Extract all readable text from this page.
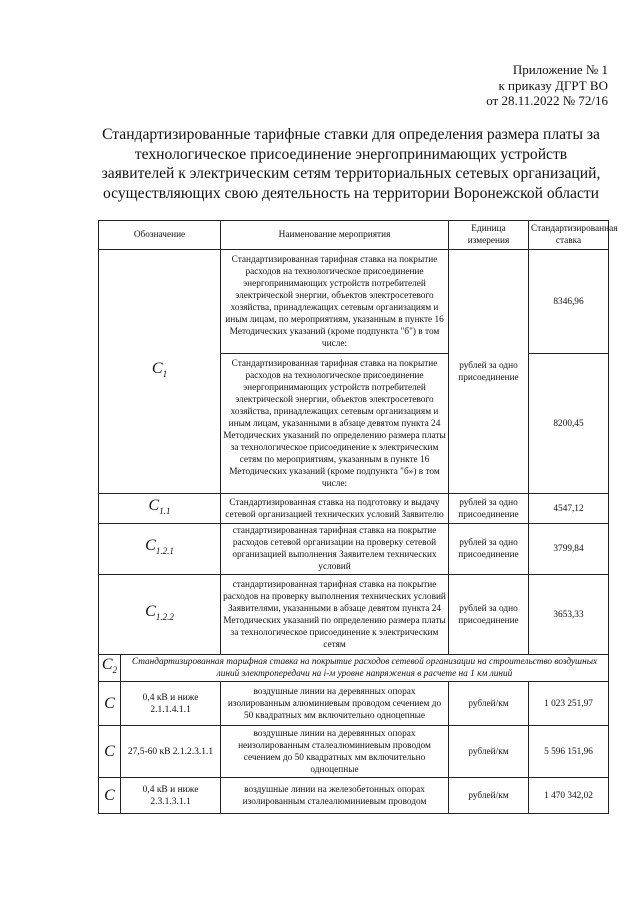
Приложение № 1
к приказу ДГРТ ВО
от 28.11.2022 № 72/16
Стандартизированные тарифные ставки для определения размера платы за
технологическое присоединение энергопринимающих устройств
заявителей к электрическим сетям территориальных сетевых организаций,
осуществляющих свою деятельность на территории Воронежской области
Обозначение		Наименование мероприятия	Единица измерения	Стандартизированная ставка
$C_1$		Стандартизированная тарифная ставка на покрытие расходов на технологическое присоединение энергопринимающих устройств потребителей электрической энергии, объектов электросетевого хозяйства, принадлежащих сетевым организациям и иным лицам, по мероприятиям, указанным в пункте 16 Методических указаний (кроме подпункта "б") в том числе:	рублей за одно присоединение	8346,96
		Стандартизированная тарифная ставка на покрытие расходов на технологическое присоединение энергопринимающих устройств потребителей электрической энергии, объектов электросетевого хозяйства, принадлежащих сетевым организациям и иным лицам, указанными в абзаце девятом пункта 24 Методических указаний по определению размера платы за технологическое присоединение к электрическим сетям по мероприятиям, указанным в пункте 16 Методических указаний (кроме подпункта "б») в том числе:		8200,45
$C_{1.1}$		Стандартизированная ставка на подготовку и выдачу сетевой организацией технических условий Заявителю	рублей за одно присоединение	4547,12
$C_{1.2.1}$		стандартизированная тарифная ставка на покрытие расходов сетевой организации на проверку сетевой организацией выполнения Заявителем технических условий	рублей за одно присоединение	3799,84
$C_{1.2.2}$		стандартизированная тарифная ставка на покрытие расходов на проверку выполнения технических условий Заявителями, указанными в абзаце девятом пункта 24 Методических указаний по определению размера платы за технологическое присоединение к электрическим сетям	рублей за одно присоединение	3653,33
$C_2$	Стандартизированная тарифная ставка на покрытие расходов сетевой организации на строительство воздушных линий электропередачи на i-м уровне напряжения в расчете на 1 км линий			
C	0,4 кВ и ниже 2.1.1.4.1.1	воздушные линии на деревянных опорах изолированным алюминиевым проводом сечением до 50 квадратных мм включительно одноцепные	рублей/км	1 023 251,97
C	27,5-60 кВ 2.1.2.3.1.1	воздушные линии на деревянных опорах неизолированным сталеалюминиевым проводом сечением до 50 квадратных мм включительно одноцепные	рублей/км	5 596 151,96
C	0,4 кВ и ниже 2.3.1.3.1.1	воздушные линии на железобетонных опорах изолированным сталеалюминиевым проводом	рублей/км	1 470 342,02
